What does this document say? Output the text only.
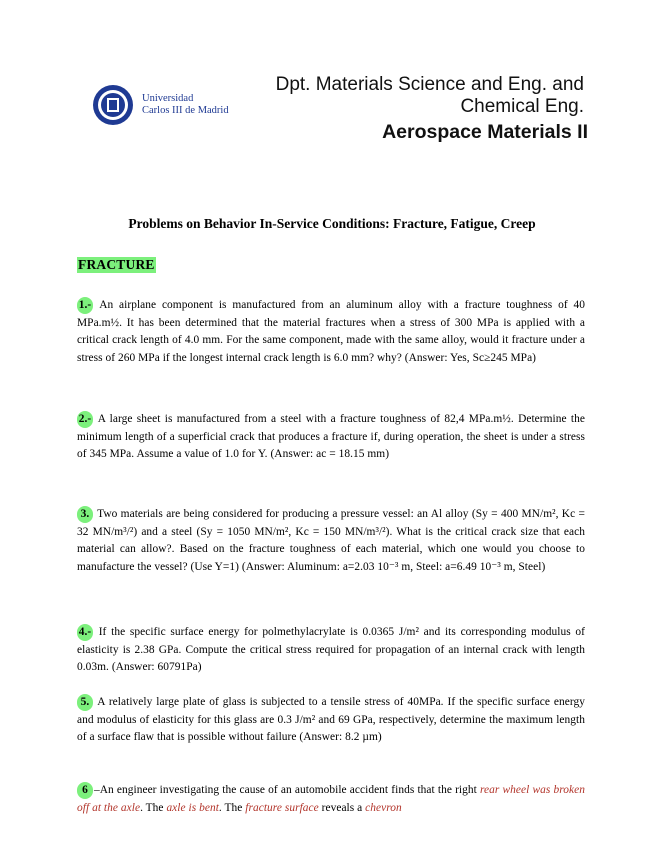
Universidad
Carlos III de Madrid
Dpt. Materials Science and Eng. and
Chemical Eng.
Aerospace Materials II
Problems on Behavior In-Service Conditions: Fracture, Fatigue, Creep
FRACTURE
1.- An airplane component is manufactured from an aluminum alloy with a fracture toughness of 40 MPa.m½. It has been determined that the material fractures when a stress of 300 MPa is applied with a critical crack length of 4.0 mm. For the same component, made with the same alloy, would it fracture under a stress of 260 MPa if the longest internal crack length is 6.0 mm? why? (Answer: Yes, Sc≥245 MPa)
2.- A large sheet is manufactured from a steel with a fracture toughness of 82,4 MPa.m½. Determine the minimum length of a superficial crack that produces a fracture if, during operation, the sheet is under a stress of 345 MPa. Assume a value of 1.0 for Y. (Answer: ac = 18.15 mm)
3. Two materials are being considered for producing a pressure vessel: an Al alloy (Sy = 400 MN/m², Kc = 32 MN/m³/²) and a steel (Sy = 1050 MN/m², Kc = 150 MN/m³/²). What is the critical crack size that each material can allow?. Based on the fracture toughness of each material, which one would you choose to manufacture the vessel? (Use Y=1) (Answer: Aluminum: a=2.03 10⁻³ m, Steel: a=6.49 10⁻³ m, Steel)
4.- If the specific surface energy for polmethylacrylate is 0.0365 J/m² and its corresponding modulus of elasticity is 2.38 GPa. Compute the critical stress required for propagation of an internal crack with length 0.03m. (Answer: 60791Pa)
5. A relatively large plate of glass is subjected to a tensile stress of 40MPa. If the specific surface energy and modulus of elasticity for this glass are 0.3 J/m² and 69 GPa, respectively, determine the maximum length of a surface flaw that is possible without failure (Answer: 8.2 µm)
6 –An engineer investigating the cause of an automobile accident finds that the right rear wheel was broken off at the axle. The axle is bent. The fracture surface reveals a chevron
